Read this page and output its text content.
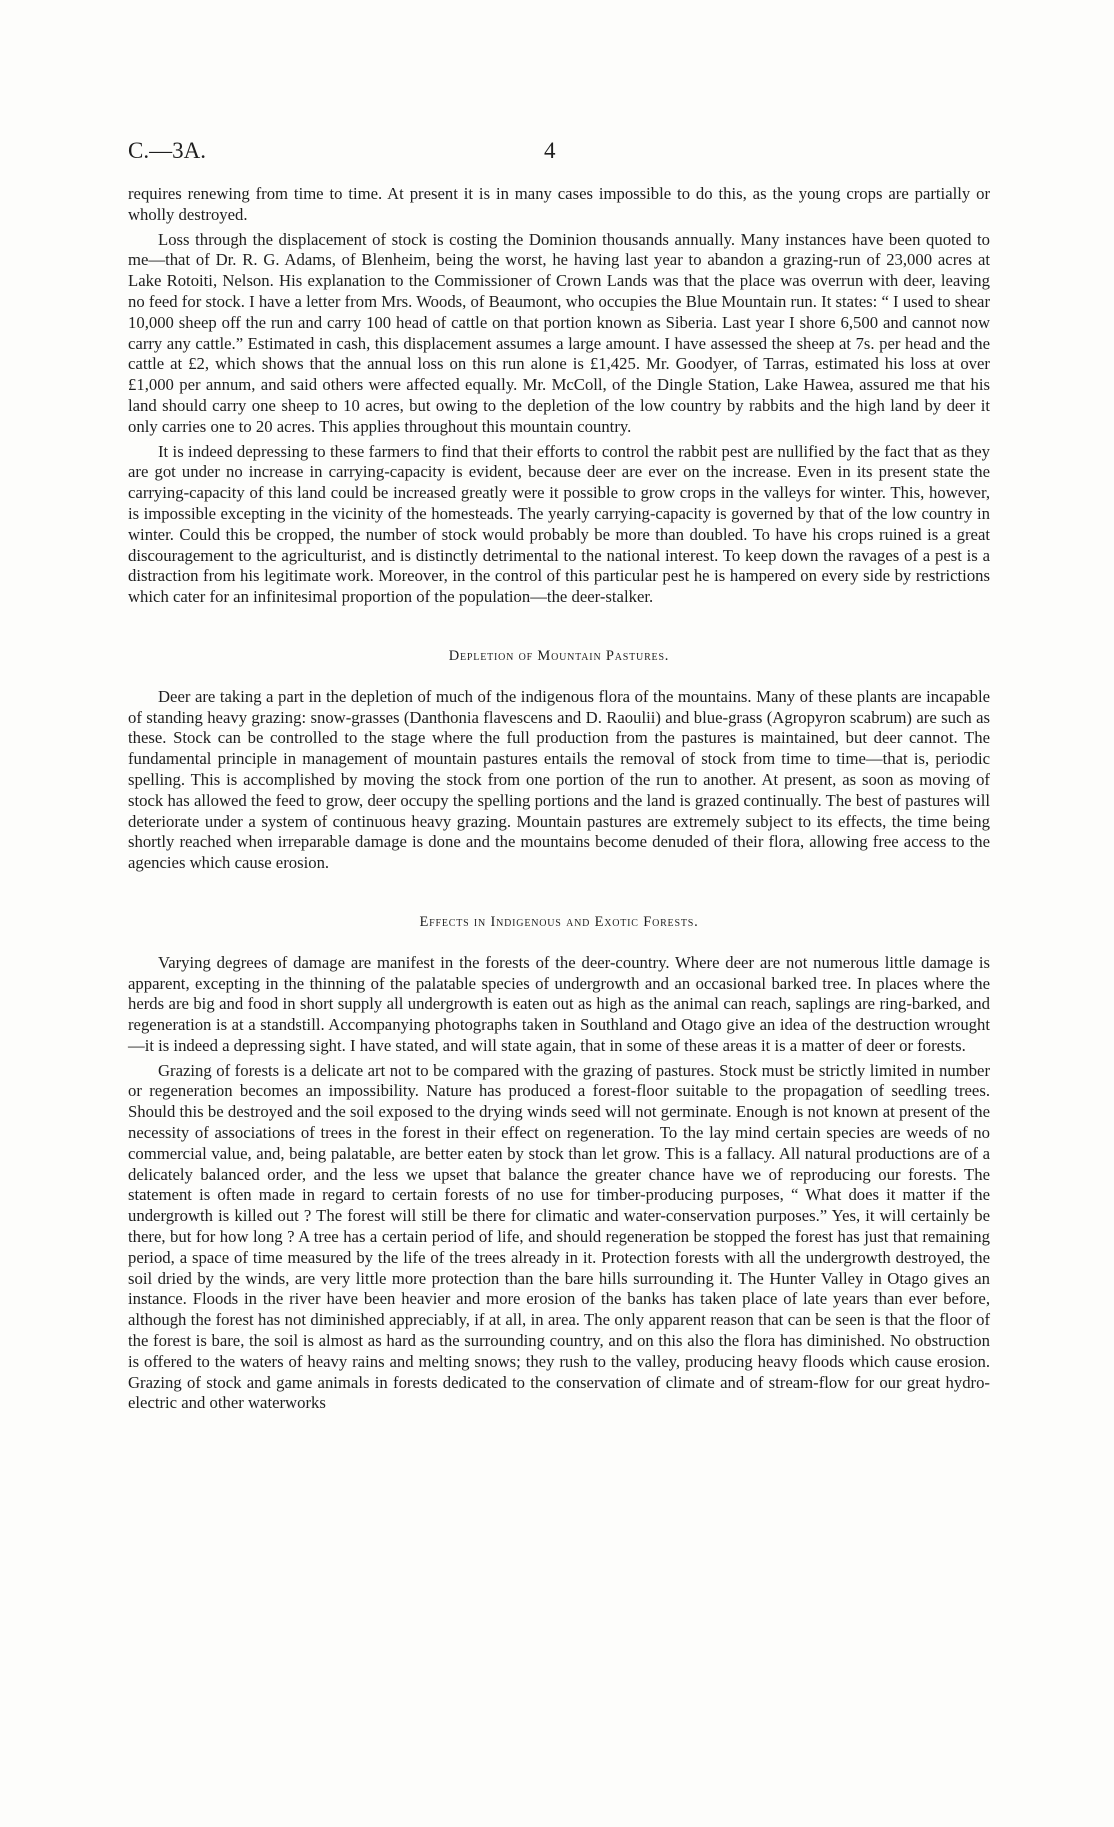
C.—3A.	4

requires renewing from time to time. At present it is in many cases impossible to do this, as the young crops are partially or wholly destroyed.

Loss through the displacement of stock is costing the Dominion thousands annually. Many instances have been quoted to me—that of Dr. R. G. Adams, of Blenheim, being the worst, he having last year to abandon a grazing-run of 23,000 acres at Lake Rotoiti, Nelson. His explanation to the Commissioner of Crown Lands was that the place was overrun with deer, leaving no feed for stock. I have a letter from Mrs. Woods, of Beaumont, who occupies the Blue Mountain run. It states: “ I used to shear 10,000 sheep off the run and carry 100 head of cattle on that portion known as Siberia. Last year I shore 6,500 and cannot now carry any cattle.” Estimated in cash, this displacement assumes a large amount. I have assessed the sheep at 7s. per head and the cattle at £2, which shows that the annual loss on this run alone is £1,425. Mr. Goodyer, of Tarras, estimated his loss at over £1,000 per annum, and said others were affected equally. Mr. McColl, of the Dingle Station, Lake Hawea, assured me that his land should carry one sheep to 10 acres, but owing to the depletion of the low country by rabbits and the high land by deer it only carries one to 20 acres. This applies throughout this mountain country.

It is indeed depressing to these farmers to find that their efforts to control the rabbit pest are nullified by the fact that as they are got under no increase in carrying-capacity is evident, because deer are ever on the increase. Even in its present state the carrying-capacity of this land could be increased greatly were it possible to grow crops in the valleys for winter. This, however, is impossible excepting in the vicinity of the homesteads. The yearly carrying-capacity is governed by that of the low country in winter. Could this be cropped, the number of stock would probably be more than doubled. To have his crops ruined is a great discouragement to the agriculturist, and is distinctly detrimental to the national interest. To keep down the ravages of a pest is a distraction from his legitimate work. Moreover, in the control of this particular pest he is hampered on every side by restrictions which cater for an infinitesimal proportion of the population—the deer-stalker.

Depletion of Mountain Pastures.

Deer are taking a part in the depletion of much of the indigenous flora of the mountains. Many of these plants are incapable of standing heavy grazing: snow-grasses (Danthonia flavescens and D. Raoulii) and blue-grass (Agropyron scabrum) are such as these. Stock can be controlled to the stage where the full production from the pastures is maintained, but deer cannot. The fundamental principle in management of mountain pastures entails the removal of stock from time to time—that is, periodic spelling. This is accomplished by moving the stock from one portion of the run to another. At present, as soon as moving of stock has allowed the feed to grow, deer occupy the spelling portions and the land is grazed continually. The best of pastures will deteriorate under a system of continuous heavy grazing. Mountain pastures are extremely subject to its effects, the time being shortly reached when irreparable damage is done and the mountains become denuded of their flora, allowing free access to the agencies which cause erosion.

Effects in Indigenous and Exotic Forests.

Varying degrees of damage are manifest in the forests of the deer-country. Where deer are not numerous little damage is apparent, excepting in the thinning of the palatable species of undergrowth and an occasional barked tree. In places where the herds are big and food in short supply all undergrowth is eaten out as high as the animal can reach, saplings are ring-barked, and regeneration is at a standstill. Accompanying photographs taken in Southland and Otago give an idea of the destruction wrought—it is indeed a depressing sight. I have stated, and will state again, that in some of these areas it is a matter of deer or forests.

Grazing of forests is a delicate art not to be compared with the grazing of pastures. Stock must be strictly limited in number or regeneration becomes an impossibility. Nature has produced a forest-floor suitable to the propagation of seedling trees. Should this be destroyed and the soil exposed to the drying winds seed will not germinate. Enough is not known at present of the necessity of associations of trees in the forest in their effect on regeneration. To the lay mind certain species are weeds of no commercial value, and, being palatable, are better eaten by stock than let grow. This is a fallacy. All natural productions are of a delicately balanced order, and the less we upset that balance the greater chance have we of reproducing our forests. The statement is often made in regard to certain forests of no use for timber-producing purposes, “ What does it matter if the undergrowth is killed out ? The forest will still be there for climatic and water-conservation purposes.” Yes, it will certainly be there, but for how long ? A tree has a certain period of life, and should regeneration be stopped the forest has just that remaining period, a space of time measured by the life of the trees already in it. Protection forests with all the undergrowth destroyed, the soil dried by the winds, are very little more protection than the bare hills surrounding it. The Hunter Valley in Otago gives an instance. Floods in the river have been heavier and more erosion of the banks has taken place of late years than ever before, although the forest has not diminished appreciably, if at all, in area. The only apparent reason that can be seen is that the floor of the forest is bare, the soil is almost as hard as the surrounding country, and on this also the flora has diminished. No obstruction is offered to the waters of heavy rains and melting snows; they rush to the valley, producing heavy floods which cause erosion. Grazing of stock and game animals in forests dedicated to the conservation of climate and of stream-flow for our great hydro-electric and other waterworks
